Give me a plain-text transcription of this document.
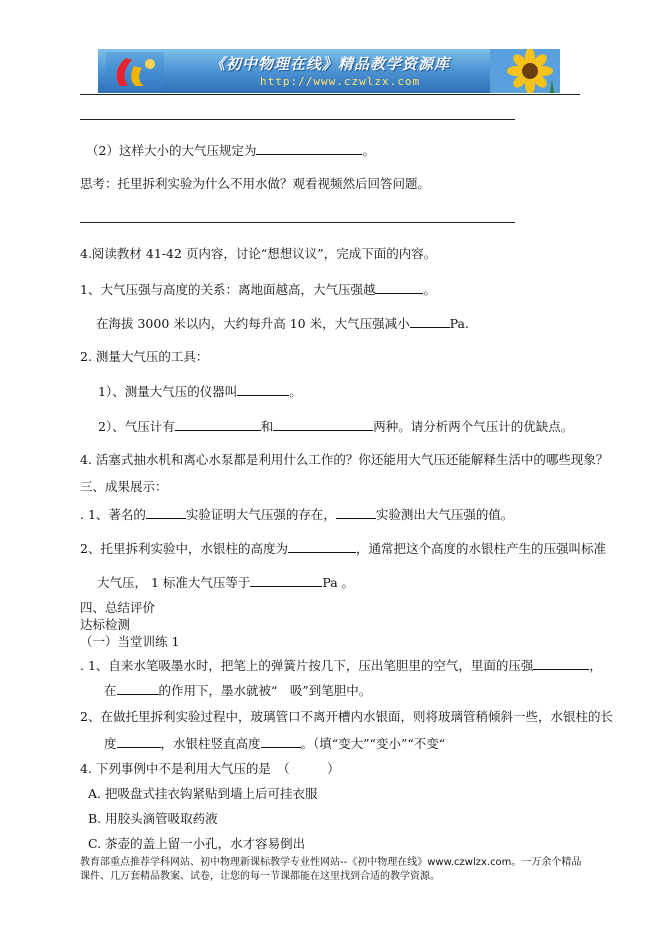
《初中物理在线》精品教学资源库
http://www.czwlzx.com
（2）这样大小的大气压规定为	。
思考：托里拆利实验为什么不用水做？观看视频然后回答问题。
4.阅读教材 41-42 页内容，讨论“想想议议”，完成下面的内容。
1、大气压强与高度的关系：离地面越高，大气压强越	。
在海拔 3000 米以内，大约每升高 10 米，大气压强减小	Pa.
2. 测量大气压的工具：
1）、测量大气压的仪器叫	。
2）、气压计有	和	两种。请分析两个气压计的优缺点。
4. 活塞式抽水机和离心水泵都是利用什么工作的？你还能用大气压还能解释生活中的哪些现象？
三、成果展示：
. 1、著名的	实验证明大气压强的存在，	实验测出大气压强的值。
2、托里拆利实验中，水银柱的高度为	，通常把这个高度的水银柱产生的压强叫标准
大气压， 1 标准大气压等于	Pa 。
四、总结评价
达标检测
（一）当堂训练 1
. 1、自来水笔吸墨水时，把笔上的弹簧片按几下，压出笔胆里的空气，里面的压强	，
在	的作用下，墨水就被“　吸”到笔胆中。
2、在做托里拆利实验过程中，玻璃管口不离开槽内水银面，则将玻璃管稍倾斜一些，水银柱的长
度	，水银柱竖直高度	。（填“变大”“变小”“不变“
4. 下列事例中不是利用大气压的是　（　　　）
A. 把吸盘式挂衣钩紧贴到墙上后可挂衣服
B. 用胶头滴管吸取药液
C. 茶壶的盖上留一小孔，水才容易倒出
教育部重点推荐学科网站、初中物理新课标教学专业性网站--《初中物理在线》www.czwlzx.com。一万余个精品
课件、几万套精品教案、试卷，让您的每一节课都能在这里找到合适的教学资源。
